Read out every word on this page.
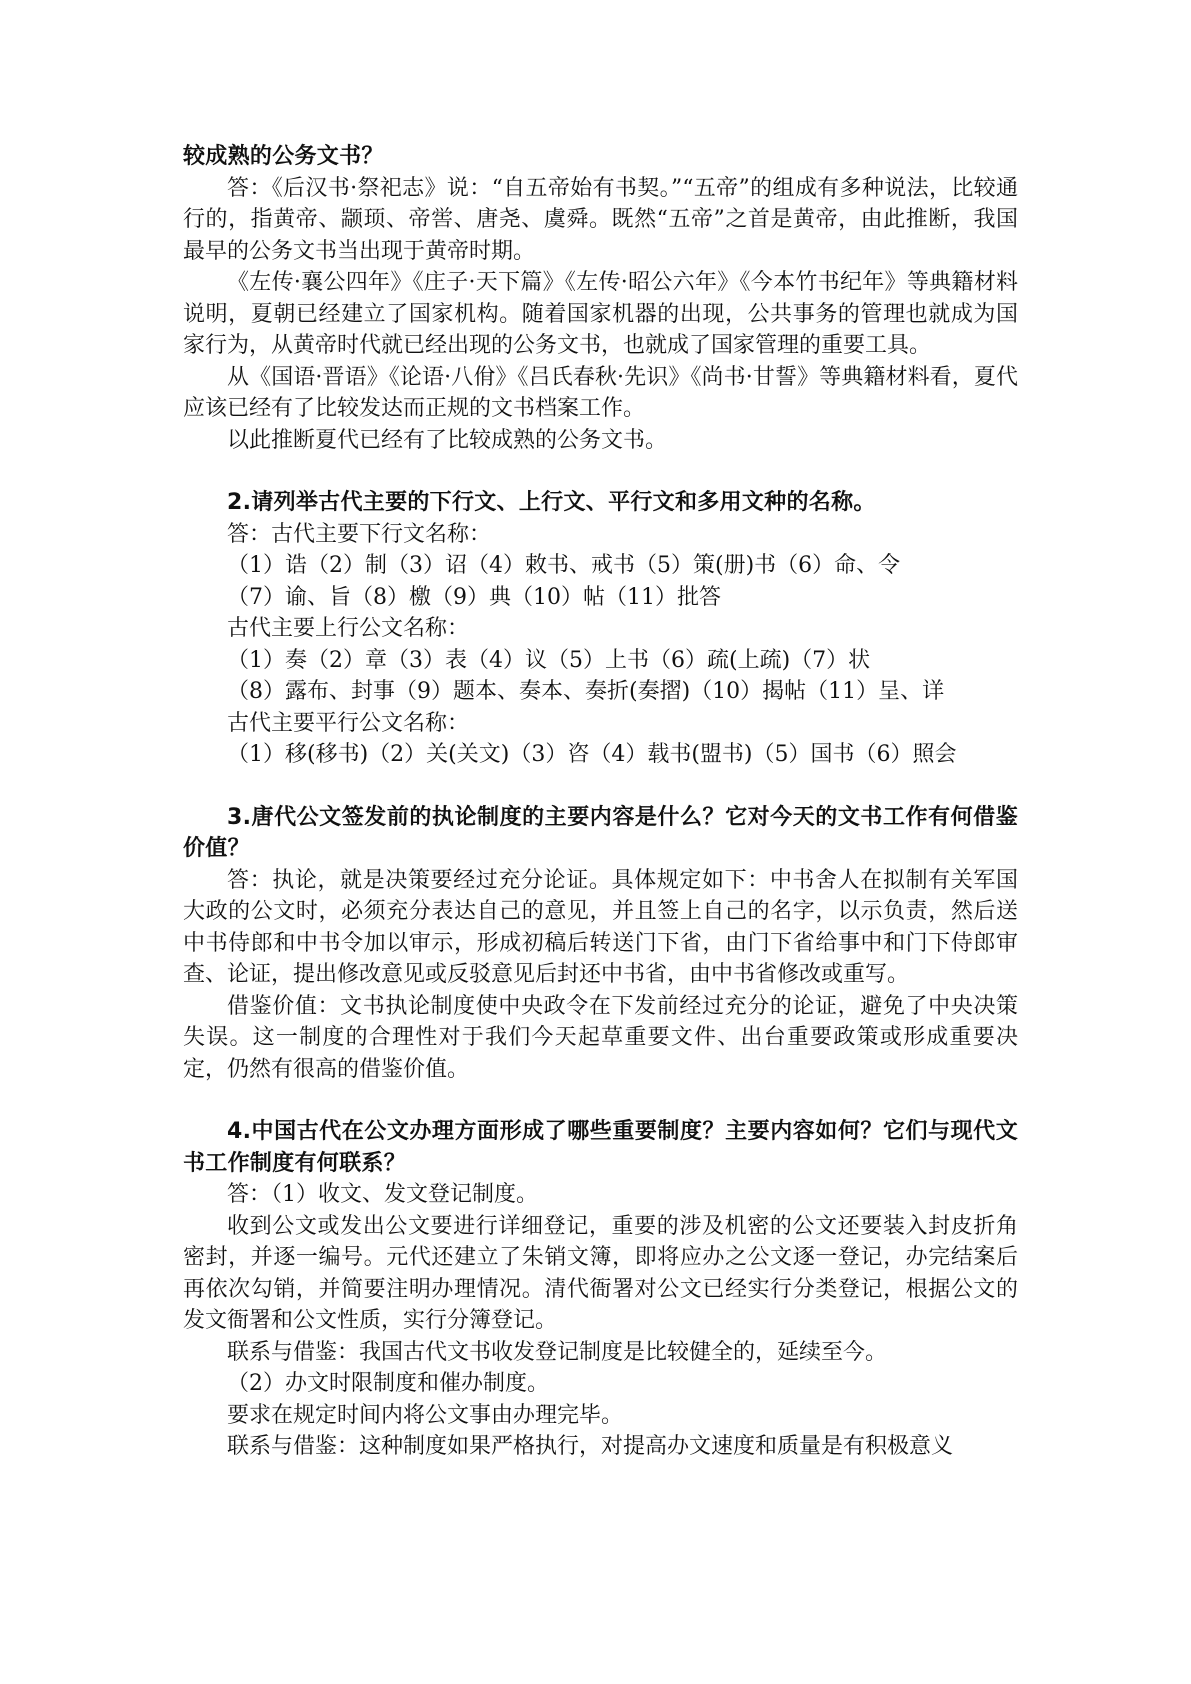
较成熟的公务文书？

答：《后汉书·祭祀志》说：“自五帝始有书契。”“五帝”的组成有多种说法，比较通行的，指黄帝、颛顼、帝喾、唐尧、虞舜。既然“五帝”之首是黄帝，由此推断，我国最早的公务文书当出现于黄帝时期。

《左传·襄公四年》《庄子·天下篇》《左传·昭公六年》《今本竹书纪年》等典籍材料说明，夏朝已经建立了国家机构。随着国家机器的出现，公共事务的管理也就成为国家行为，从黄帝时代就已经出现的公务文书，也就成了国家管理的重要工具。

从《国语·晋语》《论语·八佾》《吕氏春秋·先识》《尚书·甘誓》等典籍材料看，夏代应该已经有了比较发达而正规的文书档案工作。

以此推断夏代已经有了比较成熟的公务文书。

2.请列举古代主要的下行文、上行文、平行文和多用文种的名称。

答：古代主要下行文名称：

（1）诰（2）制（3）诏（4）敕书、戒书（5）策(册)书（6）命、令

（7）谕、旨（8）檄（9）典（10）帖（11）批答

古代主要上行公文名称：

（1）奏（2）章（3）表（4）议（5）上书（6）疏(上疏)（7）状

（8）露布、封事（9）题本、奏本、奏折(奏摺)（10）揭帖（11）呈、详

古代主要平行公文名称：

（1）移(移书)（2）关(关文)（3）咨（4）载书(盟书)（5）国书（6）照会

3.唐代公文签发前的执论制度的主要内容是什么？它对今天的文书工作有何借鉴价值？

答：执论，就是决策要经过充分论证。具体规定如下：中书舍人在拟制有关军国大政的公文时，必须充分表达自己的意见，并且签上自己的名字，以示负责，然后送中书侍郎和中书令加以审示，形成初稿后转送门下省，由门下省给事中和门下侍郎审查、论证，提出修改意见或反驳意见后封还中书省，由中书省修改或重写。

借鉴价值：文书执论制度使中央政令在下发前经过充分的论证，避免了中央决策失误。这一制度的合理性对于我们今天起草重要文件、出台重要政策或形成重要决定，仍然有很高的借鉴价值。

4.中国古代在公文办理方面形成了哪些重要制度？主要内容如何？它们与现代文书工作制度有何联系？

答：（1）收文、发文登记制度。

收到公文或发出公文要进行详细登记，重要的涉及机密的公文还要装入封皮折角密封，并逐一编号。元代还建立了朱销文簿，即将应办之公文逐一登记，办完结案后再依次勾销，并简要注明办理情况。清代衙署对公文已经实行分类登记，根据公文的发文衙署和公文性质，实行分簿登记。

联系与借鉴：我国古代文书收发登记制度是比较健全的，延续至今。

（2）办文时限制度和催办制度。

要求在规定时间内将公文事由办理完毕。

联系与借鉴：这种制度如果严格执行，对提高办文速度和质量是有积极意义
